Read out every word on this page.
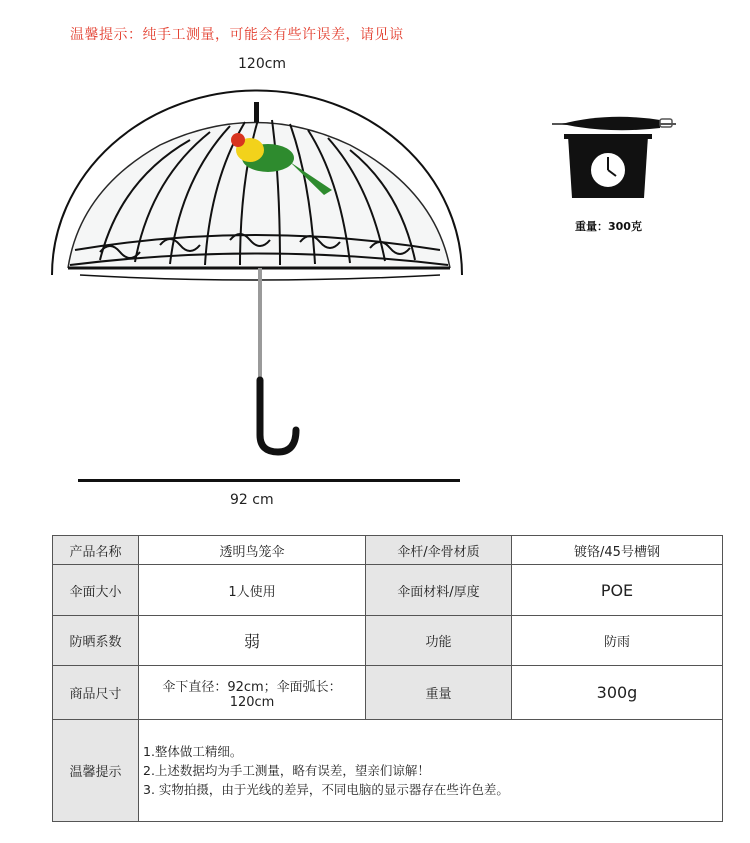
温馨提示：纯手工测量，可能会有些许误差，请见谅
120cm
92 cm
重量：300克
产品名称	透明鸟笼伞	伞杆/伞骨材质	镀铬/45号槽钢
伞面大小	1人使用	伞面材料/厚度	POE
防晒系数	弱	功能	防雨
商品尺寸	伞下直径：92cm；伞面弧长：120cm	重量	300g
温馨提示	1.整体做工精细。
2.上述数据均为手工测量，略有误差，望亲们谅解！
3. 实物拍摄，由于光线的差异，不同电脑的显示器存在些许色差。		
